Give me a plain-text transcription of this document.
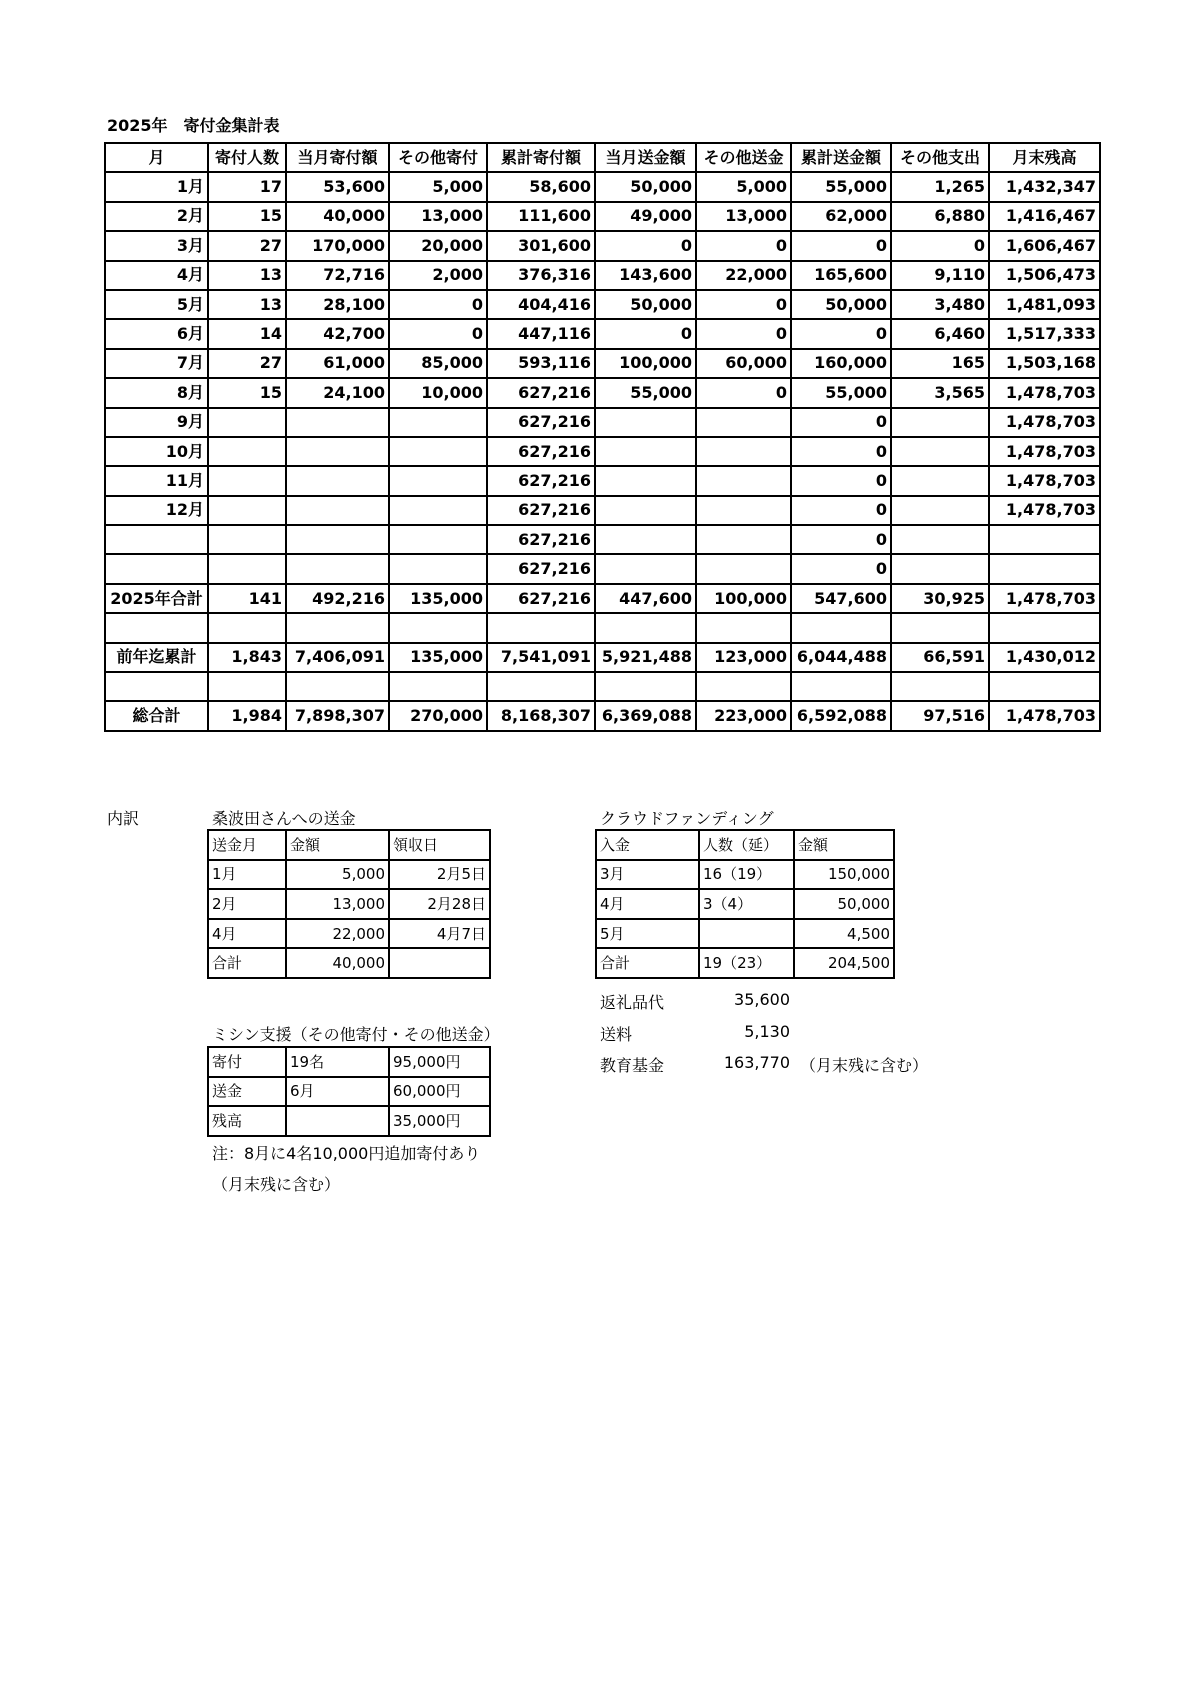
2025年　寄付金集計表
月	寄付人数	当月寄付額	その他寄付	累計寄付額	当月送金額	その他送金	累計送金額	その他支出	月末残高
1月	17	53,600	5,000	58,600	50,000	5,000	55,000	1,265	1,432,347
2月	15	40,000	13,000	111,600	49,000	13,000	62,000	6,880	1,416,467
3月	27	170,000	20,000	301,600	0	0	0	0	1,606,467
4月	13	72,716	2,000	376,316	143,600	22,000	165,600	9,110	1,506,473
5月	13	28,100	0	404,416	50,000	0	50,000	3,480	1,481,093
6月	14	42,700	0	447,116	0	0	0	6,460	1,517,333
7月	27	61,000	85,000	593,116	100,000	60,000	160,000	165	1,503,168
8月	15	24,100	10,000	627,216	55,000	0	55,000	3,565	1,478,703
9月				627,216			0		1,478,703
10月				627,216			0		1,478,703
11月				627,216			0		1,478,703
12月				627,216			0		1,478,703
				627,216			0		
				627,216			0		
2025年合計	141	492,216	135,000	627,216	447,600	100,000	547,600	30,925	1,478,703

前年迄累計	1,843	7,406,091	135,000	7,541,091	5,921,488	123,000	6,044,488	66,591	1,430,012

総合計	1,984	7,898,307	270,000	8,168,307	6,369,088	223,000	6,592,088	97,516	1,478,703
内訳	桑波田さんへの送金
送金月	金額	領収日
1月	5,000	2月5日
2月	13,000	2月28日
4月	22,000	4月7日
合計	40,000	
ミシン支援（その他寄付・その他送金）
寄付	19名	95,000円
送金	6月	60,000円
残高		35,000円
注：8月に4名10,000円追加寄付あり
（月末残に含む）
クラウドファンディング
入金	人数（延）	金額
3月	16（19）	150,000
4月	3（4）	50,000
5月		4,500
合計	19（23）	204,500
返礼品代	35,600
送料	5,130
教育基金	163,770 （月末残に含む）
